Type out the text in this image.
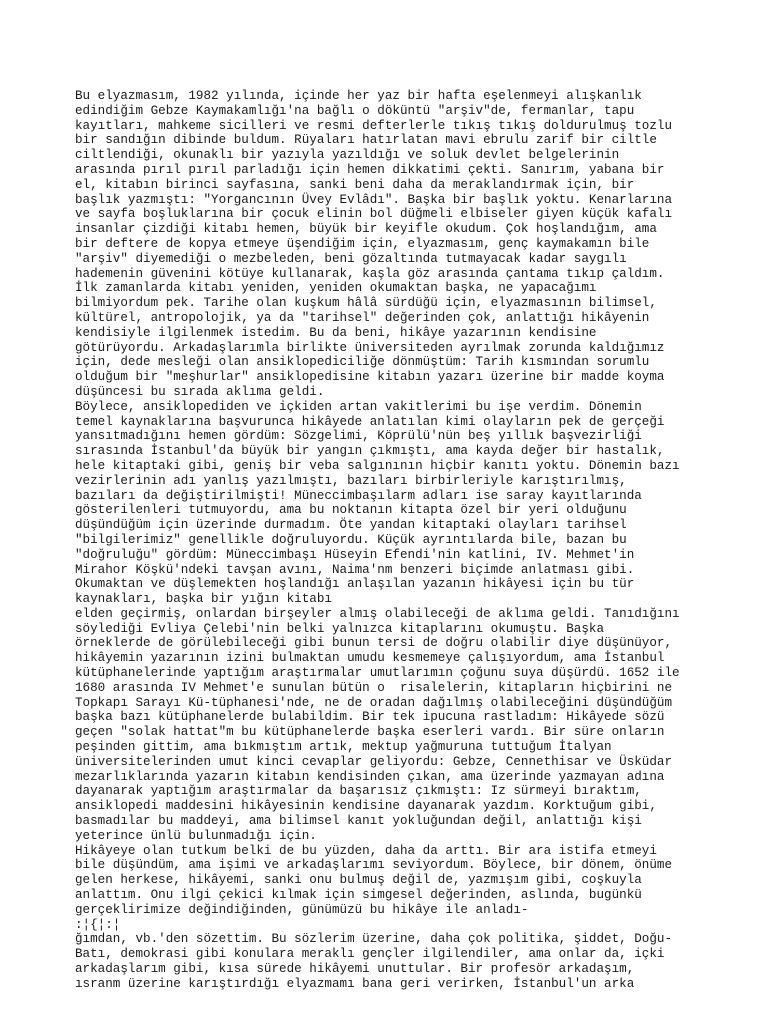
Bu elyazmasım, 1982 yılında, içinde her yaz bir hafta eşelenmeyi alışkanlık
edindiğim Gebze Kaymakamlığı'na bağlı o döküntü "arşiv"de, fermanlar, tapu
kayıtları, mahkeme sicilleri ve resmi defterlerle tıkış tıkış doldurulmuş tozlu
bir sandığın dibinde buldum. Rüyaları hatırlatan mavi ebrulu zarif bir ciltle
ciltlendiği, okunaklı bir yazıyla yazıldığı ve soluk devlet belgelerinin
arasında pırıl pırıl parladığı için hemen dikkatimi çekti. Sanırım, yabana bir
el, kitabın birinci sayfasına, sanki beni daha da meraklandırmak için, bir
başlık yazmıştı: "Yorgancının Üvey Evlâdı". Başka bir başlık yoktu. Kenarlarına
ve sayfa boşluklarına bir çocuk elinin bol düğmeli elbiseler giyen küçük kafalı
insanlar çizdiği kitabı hemen, büyük bir keyifle okudum. Çok hoşlandığım, ama
bir deftere de kopya etmeye üşendiğim için, elyazmasım, genç kaymakamın bile
"arşiv" diyemediği o mezbeleden, beni gözaltında tutmayacak kadar saygılı
hademenin güvenini kötüye kullanarak, kaşla göz arasında çantama tıkıp çaldım.
İlk zamanlarda kitabı yeniden, yeniden okumaktan başka, ne yapacağımı
bilmiyordum pek. Tarihe olan kuşkum hâlâ sürdüğü için, elyazmasının bilimsel,
kültürel, antropolojik, ya da "tarihsel" değerinden çok, anlattığı hikâyenin
kendisiyle ilgilenmek istedim. Bu da beni, hikâye yazarının kendisine
götürüyordu. Arkadaşlarımla birlikte üniversiteden ayrılmak zorunda kaldığımız
için, dede mesleği olan ansiklopediciliğe dönmüştüm: Tarih kısmından sorumlu
olduğum bir "meşhurlar" ansiklopedisine kitabın yazarı üzerine bir madde koyma
düşüncesi bu sırada aklıma geldi.
Böylece, ansiklopediden ve içkiden artan vakitlerimi bu işe verdim. Dönemin
temel kaynaklarına başvurunca hikâyede anlatılan kimi olayların pek de gerçeği
yansıtmadığını hemen gördüm: Sözgelimi, Köprülü'nün beş yıllık başvezirliği
sırasında İstanbul'da büyük bir yangın çıkmıştı, ama kayda değer bir hastalık,
hele kitaptaki gibi, geniş bir veba salgınının hiçbir kanıtı yoktu. Dönemin bazı
vezirlerinin adı yanlış yazılmıştı, bazıları birbirleriyle karıştırılmış,
bazıları da değiştirilmişti! Müneccimbaşılarm adları ise saray kayıtlarında
gösterilenleri tutmuyordu, ama bu noktanın kitapta özel bir yeri olduğunu
düşündüğüm için üzerinde durmadım. Öte yandan kitaptaki olayları tarihsel
"bilgilerimiz" genellikle doğruluyordu. Küçük ayrıntılarda bile, bazan bu
"doğruluğu" gördüm: Müneccimbaşı Hüseyin Efendi'nin katlini, IV. Mehmet'in
Mirahor Köşkü'ndeki tavşan avını, Naima'nm benzeri biçimde anlatması gibi.
Okumaktan ve düşlemekten hoşlandığı anlaşılan yazanın hikâyesi için bu tür
kaynakları, başka bir yığın kitabı
elden geçirmiş, onlardan birşeyler almış olabileceği de aklıma geldi. Tanıdığını
söylediği Evliya Çelebi'nin belki yalnızca kitaplarını okumuştu. Başka
örneklerde de görülebileceği gibi bunun tersi de doğru olabilir diye düşünüyor,
hikâyemin yazarının izini bulmaktan umudu kesmemeye çalışıyordum, ama İstanbul
kütüphanelerinde yaptığım araştırmalar umutlarımın çoğunu suya düşürdü. 1652 ile
1680 arasında IV Mehmet'e sunulan bütün o  risalelerin, kitapların hiçbirini ne
Topkapı Sarayı Kü-tüphanesi'nde, ne de oradan dağılmış olabileceğini düşündüğüm
başka bazı kütüphanelerde bulabildim. Bir tek ipucuna rastladım: Hikâyede sözü
geçen "solak hattat"m bu kütüphanelerde başka eserleri vardı. Bir süre onların
peşinden gittim, ama bıkmıştım artık, mektup yağmuruna tuttuğum İtalyan
üniversitelerinden umut kinci cevaplar geliyordu: Gebze, Cennethisar ve Üsküdar
mezarlıklarında yazarın kitabın kendisinden çıkan, ama üzerinde yazmayan adına
dayanarak yaptığım araştırmalar da başarısız çıkmıştı: Iz sürmeyi bıraktım,
ansiklopedi maddesini hikâyesinin kendisine dayanarak yazdım. Korktuğum gibi,
basmadılar bu maddeyi, ama bilimsel kanıt yokluğundan değil, anlattığı kişi
yeterince ünlü bulunmadığı için.
Hikâyeye olan tutkum belki de bu yüzden, daha da arttı. Bir ara istifa etmeyi
bile düşündüm, ama işimi ve arkadaşlarımı seviyordum. Böylece, bir dönem, önüme
gelen herkese, hikâyemi, sanki onu bulmuş değil de, yazmışım gibi, coşkuyla
anlattım. Onu ilgi çekici kılmak için simgesel değerinden, aslında, bugünkü
gerçeklirimize değindiğinden, günümüzü bu hikâye ile anladı-
:¦{¦:¦
ğımdan, vb.'den sözettim. Bu sözlerim üzerine, daha çok politika, şiddet, Doğu-
Batı, demokrasi gibi konulara meraklı gençler ilgilendiler, ama onlar da, içki
arkadaşlarım gibi, kısa sürede hikâyemi unuttular. Bir profesör arkadaşım,
ısranm üzerine karıştırdığı elyazmamı bana geri verirken, İstanbul'un arka
